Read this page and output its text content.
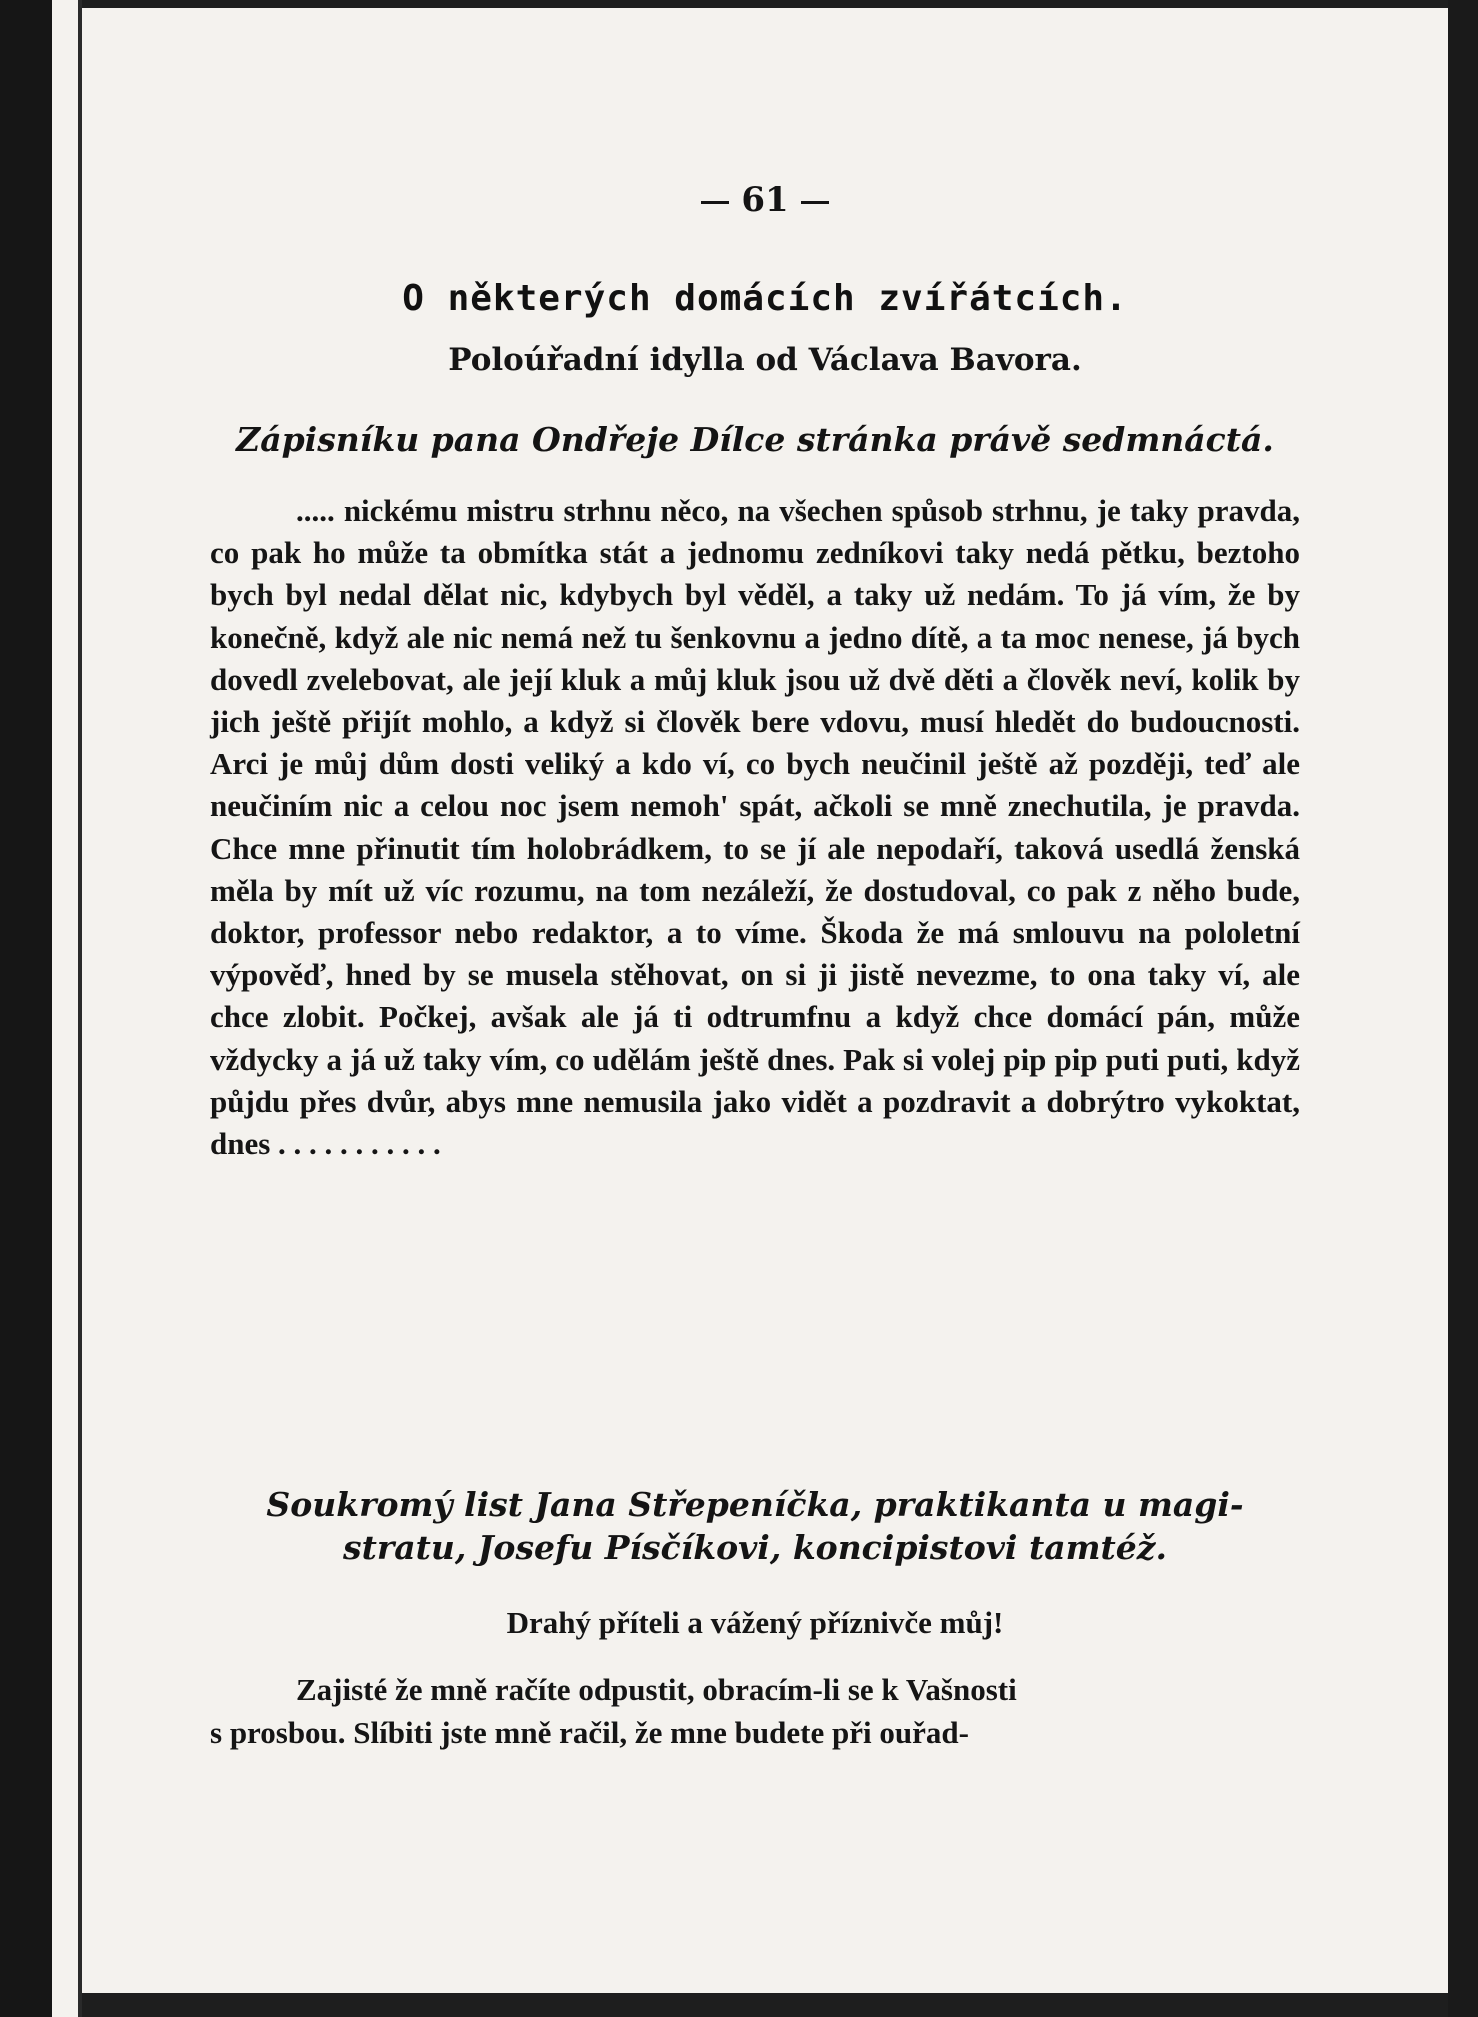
61
O některých domácích zvířátcích.
Poloúřadní idylla od Václava Bavora.
Zápisníku pana Ondřeje Dílce stránka právě sedmnáctá.
..... nickému mistru strhnu něco, na všechen spůsob strhnu, je taky pravda, co pak ho může ta obmítka stát a jednomu zedníkovi taky nedá pětku, beztoho bych byl nedal dělat nic, kdybych byl věděl, a taky už nedám. To já vím, že by konečně, když ale nic nemá než tu šenkovnu a jedno dítě, a ta moc nenese, já bych dovedl zvelebovat, ale její kluk a můj kluk jsou už dvě děti a člověk neví, kolik by jich ještě přijít mohlo, a když si člověk bere vdovu, musí hledět do budoucnosti. Arci je můj dům dosti veliký a kdo ví, co bych neučinil ještě až později, teď ale neučiním nic a celou noc jsem nemoh' spát, ačkoli se mně znechutila, je pravda. Chce mne přinutit tím holobrádkem, to se jí ale nepodaří, taková usedlá ženská měla by mít už víc rozumu, na tom nezáleží, že dostudoval, co pak z něho bude, doktor, professor nebo redaktor, a to víme. Škoda že má smlouvu na pololetní výpověď, hned by se musela stěhovat, on si ji jistě nevezme, to ona taky ví, ale chce zlobit. Počkej, avšak ale já ti odtrumfnu a když chce domácí pán, může vždycky a já už taky vím, co udělám ještě dnes. Pak si volej pip pip puti puti, když půjdu přes dvůr, abys mne nemusila jako vidět a pozdravit a dobrýtro vykoktat, dnes . . . . . . . . . . .

Soukromý list Jana Střepeníčka, praktikanta u magi-

stratu, Josefu Písčíkovi, koncipistovi tamtéž.

Drahý příteli a vážený příznivče můj!
Zajisté že mně račíte odpustit, obracím-li se k Vašnosti
s prosbou. Slíbiti jste mně račil, že mne budete při ouřad-
